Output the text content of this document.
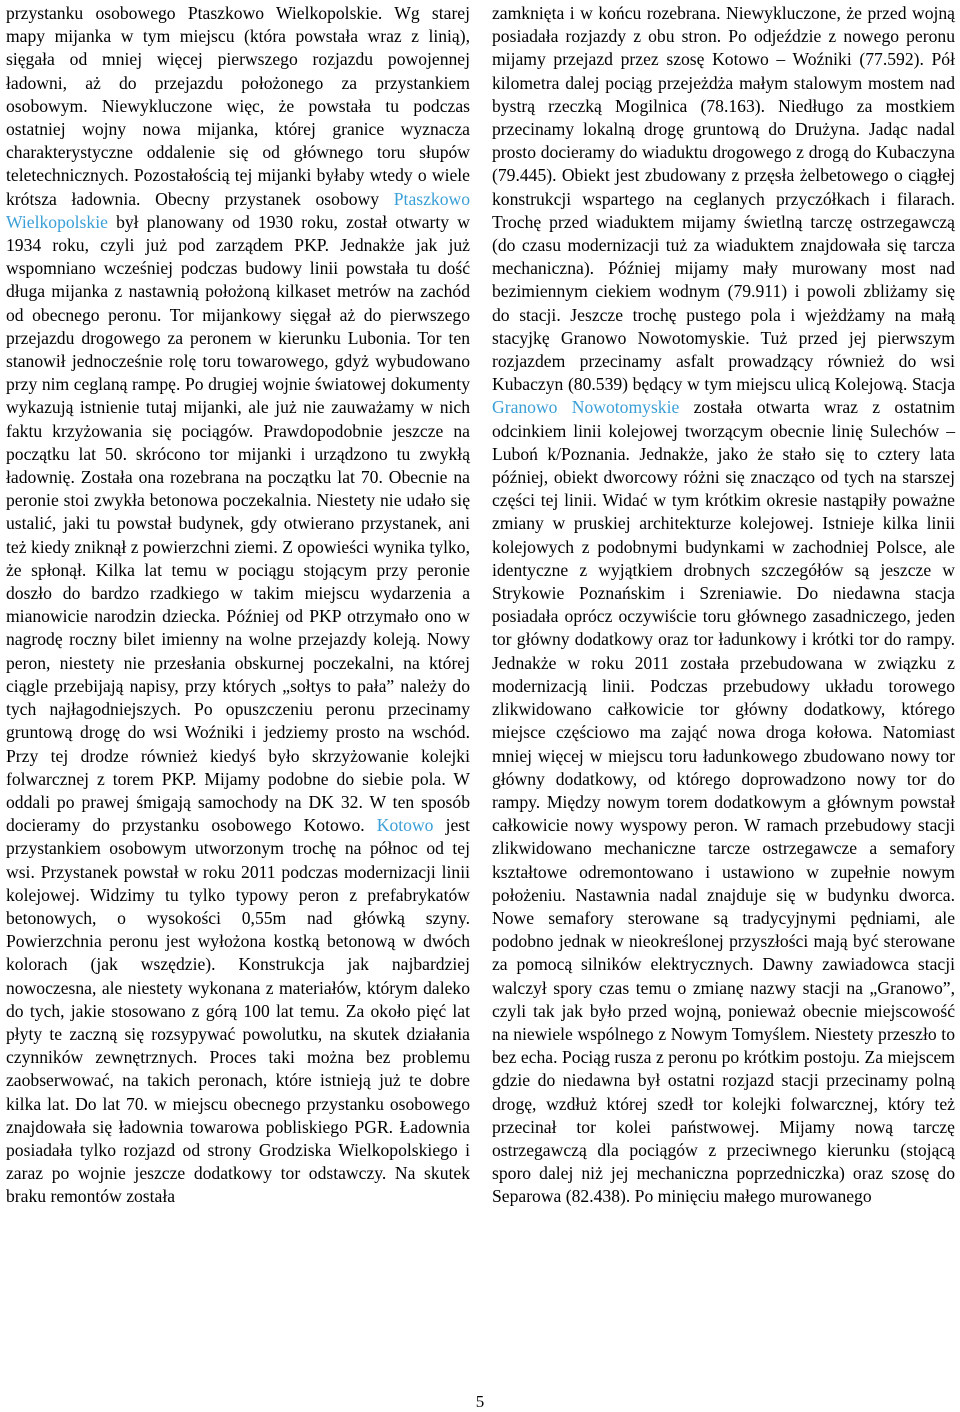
przystanku osobowego Ptaszkowo Wielkopolskie. Wg starej mapy mijanka w tym miejscu (która powstała wraz z linią), sięgała od mniej więcej pierwszego rozjazdu powojennej ładowni, aż do przejazdu położonego za przystankiem osobowym. Niewykluczone więc, że powstała tu podczas ostatniej wojny nowa mijanka, której granice wyznacza charakterystyczne oddalenie się od głównego toru słupów teletechnicznych. Pozostałością tej mijanki byłaby wtedy o wiele krótsza ładownia. Obecny przystanek osobowy Ptaszkowo Wielkopolskie był planowany od 1930 roku, został otwarty w 1934 roku, czyli już pod zarządem PKP. Jednakże jak już wspomniano wcześniej podczas budowy linii powstała tu dość długa mijanka z nastawnią położoną kilkaset metrów na zachód od obecnego peronu. Tor mijankowy sięgał aż do pierwszego przejazdu drogowego za peronem w kierunku Lubonia. Tor ten stanowił jednocześnie rolę toru towarowego, gdyż wybudowano przy nim ceglaną rampę. Po drugiej wojnie światowej dokumenty wykazują istnienie tutaj mijanki, ale już nie zauważamy w nich faktu krzyżowania się pociągów. Prawdopodobnie jeszcze na początku lat 50. skrócono tor mijanki i urządzono tu zwykłą ładownię. Została ona rozebrana na początku lat 70. Obecnie na peronie stoi zwykła betonowa poczekalnia. Niestety nie udało się ustalić, jaki tu powstał budynek, gdy otwierano przystanek, ani też kiedy zniknął z powierzchni ziemi. Z opowieści wynika tylko, że spłonął. Kilka lat temu w pociągu stojącym przy peronie doszło do bardzo rzadkiego w takim miejscu wydarzenia a mianowicie narodzin dziecka. Później od PKP otrzymało ono w nagrodę roczny bilet imienny na wolne przejazdy koleją. Nowy peron, niestety nie przesłania obskurnej poczekalni, na której ciągle przebijają napisy, przy których „sołtys to pała” należy do tych najłagodniejszych. Po opuszczeniu peronu przecinamy gruntową drogę do wsi Woźniki i jedziemy prosto na wschód. Przy tej drodze również kiedyś było skrzyżowanie kolejki folwarcznej z torem PKP. Mijamy podobne do siebie pola. W oddali po prawej śmigają samochody na DK 32. W ten sposób docieramy do przystanku osobowego Kotowo. Kotowo jest przystankiem osobowym utworzonym trochę na północ od tej wsi. Przystanek powstał w roku 2011 podczas modernizacji linii kolejowej. Widzimy tu tylko typowy peron z prefabrykatów betonowych, o wysokości 0,55m nad główką szyny. Powierzchnia peronu jest wyłożona kostką betonową w dwóch kolorach (jak wszędzie). Konstrukcja jak najbardziej nowoczesna, ale niestety wykonana z materiałów, którym daleko do tych, jakie stosowano z górą 100 lat temu. Za około pięć lat płyty te zaczną się rozsypywać powolutku, na skutek działania czynników zewnętrznych. Proces taki można bez problemu zaobserwować, na takich peronach, które istnieją już te dobre kilka lat. Do lat 70. w miejscu obecnego przystanku osobowego znajdowała się ładownia towarowa pobliskiego PGR. Ładownia posiadała tylko rozjazd od strony Grodziska Wielkopolskiego i zaraz po wojnie jeszcze dodatkowy tor odstawczy. Na skutek braku remontów została

zamknięta i w końcu rozebrana. Niewykluczone, że przed wojną posiadała rozjazdy z obu stron. Po odjeździe z nowego peronu mijamy przejazd przez szosę Kotowo – Woźniki (77.592). Pół kilometra dalej pociąg przejeżdża małym stalowym mostem nad bystrą rzeczką Mogilnica (78.163). Niedługo za mostkiem przecinamy lokalną drogę gruntową do Drużyna. Jadąc nadal prosto docieramy do wiaduktu drogowego z drogą do Kubaczyna (79.445). Obiekt jest zbudowany z przęsła żelbetowego o ciągłej konstrukcji wspartego na ceglanych przyczółkach i filarach. Trochę przed wiaduktem mijamy świetlną tarczę ostrzegawczą (do czasu modernizacji tuż za wiaduktem znajdowała się tarcza mechaniczna). Później mijamy mały murowany most nad bezimiennym ciekiem wodnym (79.911) i powoli zbliżamy się do stacji. Jeszcze trochę pustego pola i wjeżdżamy na małą stacyjkę Granowo Nowotomyskie. Tuż przed jej pierwszym rozjazdem przecinamy asfalt prowadzący również do wsi Kubaczyn (80.539) będący w tym miejscu ulicą Kolejową. Stacja Granowo Nowotomyskie została otwarta wraz z ostatnim odcinkiem linii kolejowej tworzącym obecnie linię Sulechów – Luboń k/Poznania. Jednakże, jako że stało się to cztery lata później, obiekt dworcowy różni się znacząco od tych na starszej części tej linii. Widać w tym krótkim okresie nastąpiły poważne zmiany w pruskiej architekturze kolejowej. Istnieje kilka linii kolejowych z podobnymi budynkami w zachodniej Polsce, ale identyczne z wyjątkiem drobnych szczegółów są jeszcze w Strykowie Poznańskim i Szreniawie. Do niedawna stacja posiadała oprócz oczywiście toru głównego zasadniczego, jeden tor główny dodatkowy oraz tor ładunkowy i krótki tor do rampy. Jednakże w roku 2011 została przebudowana w związku z modernizacją linii. Podczas przebudowy układu torowego zlikwidowano całkowicie tor główny dodatkowy, którego miejsce częściowo ma zająć nowa droga kołowa. Natomiast mniej więcej w miejscu toru ładunkowego zbudowano nowy tor główny dodatkowy, od którego doprowadzono nowy tor do rampy. Między nowym torem dodatkowym a głównym powstał całkowicie nowy wyspowy peron. W ramach przebudowy stacji zlikwidowano mechaniczne tarcze ostrzegawcze a semafory kształtowe odremontowano i ustawiono w zupełnie nowym położeniu. Nastawnia nadal znajduje się w budynku dworca. Nowe semafory sterowane są tradycyjnymi pędniami, ale podobno jednak w nieokreślonej przyszłości mają być sterowane za pomocą silników elektrycznych. Dawny zawiadowca stacji walczył spory czas temu o zmianę nazwy stacji na „Granowo”, czyli tak jak było przed wojną, ponieważ obecnie miejscowość na niewiele wspólnego z Nowym Tomyślem. Niestety przeszło to bez echa. Pociąg rusza z peronu po krótkim postoju. Za miejscem gdzie do niedawna był ostatni rozjazd stacji przecinamy polną drogę, wzdłuż której szedł tor kolejki folwarcznej, który też przecinał tor kolei państwowej. Mijamy nową tarczę ostrzegawczą dla pociągów z przeciwnego kierunku (stojącą sporo dalej niż jej mechaniczna poprzedniczka) oraz szosę do Separowa (82.438). Po minięciu małego murowanego

5
